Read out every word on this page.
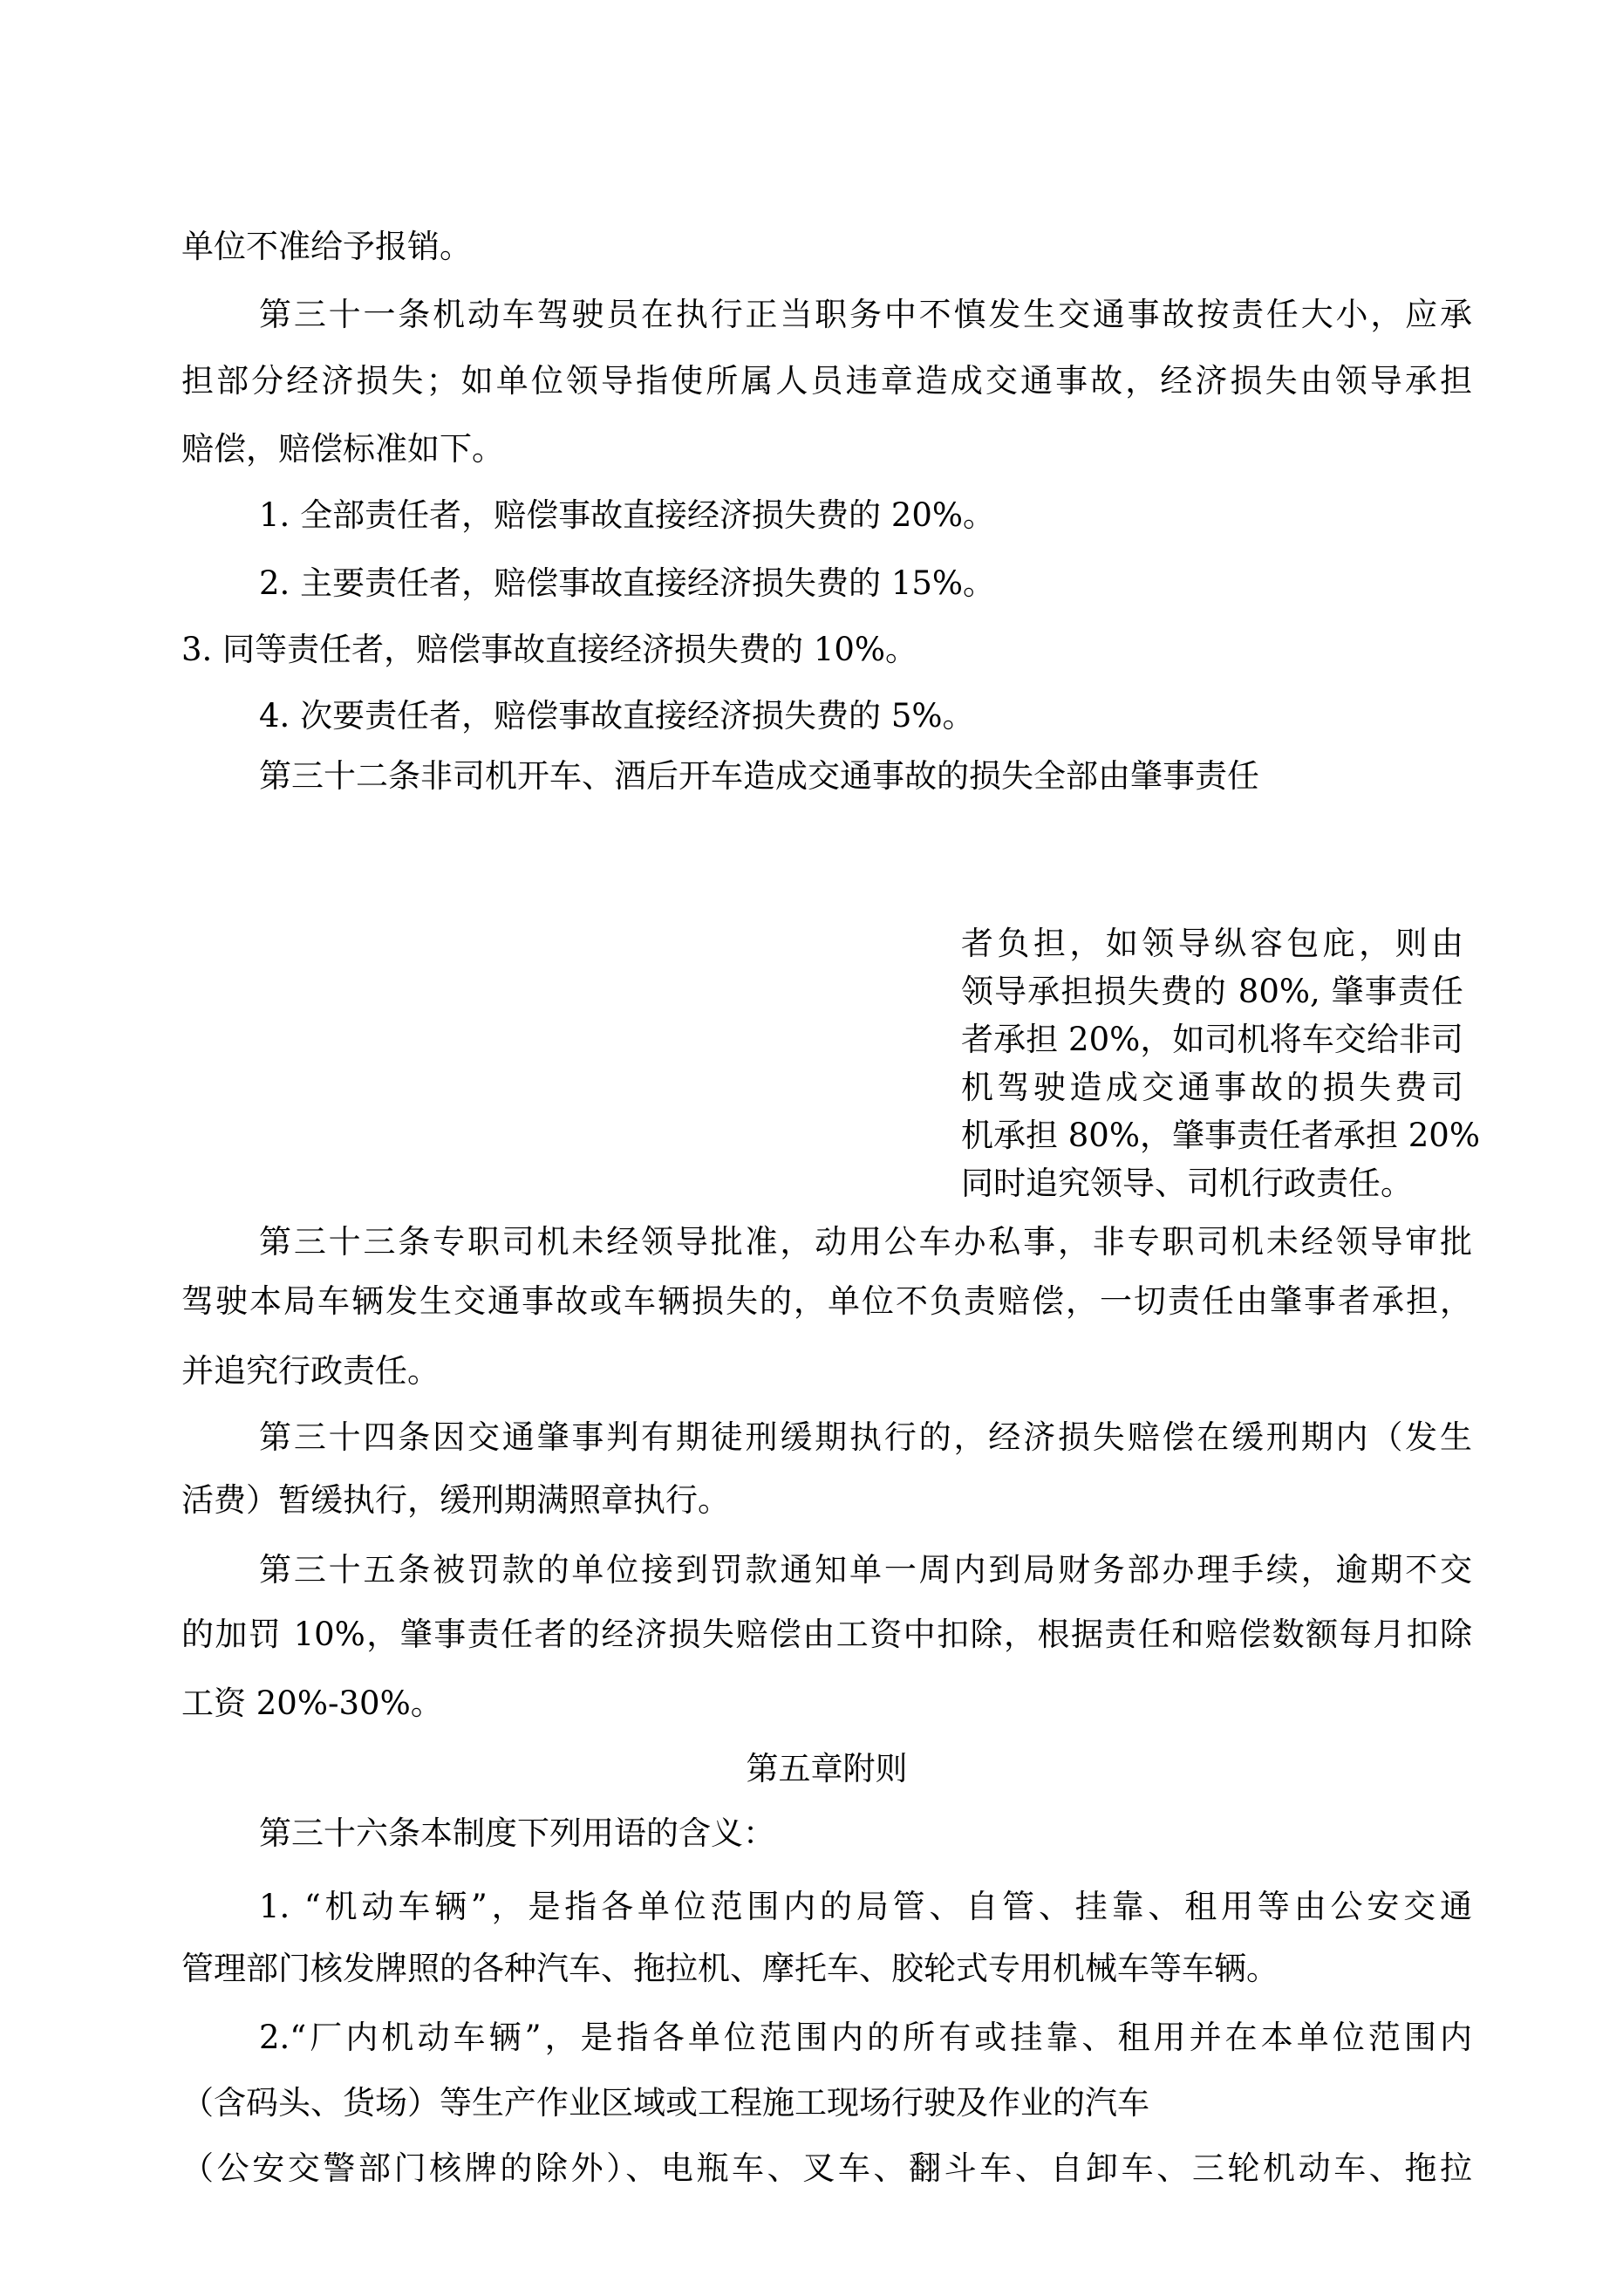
单位不准给予报销。
第三十一条机动车驾驶员在执行正当职务中不慎发生交通事故按责任大小，应承
担部分经济损失；如单位领导指使所属人员违章造成交通事故，经济损失由领导承担
赔偿，赔偿标准如下。
1. 全部责任者，赔偿事故直接经济损失费的 20%。
2. 主要责任者，赔偿事故直接经济损失费的 15%。
3. 同等责任者，赔偿事故直接经济损失费的 10%。
4. 次要责任者，赔偿事故直接经济损失费的 5%。
第三十二条非司机开车、酒后开车造成交通事故的损失全部由肇事责任
者负担，如领导纵容包庇，则由
领导承担损失费的 80%, 肇事责任
者承担 20%，如司机将车交给非司
机驾驶造成交通事故的损失费司
机承担 80%，肇事责任者承担 20%
同时追究领导、司机行政责任。
第三十三条专职司机未经领导批准，动用公车办私事，非专职司机未经领导审批
驾驶本局车辆发生交通事故或车辆损失的，单位不负责赔偿，一切责任由肇事者承担，
并追究行政责任。
第三十四条因交通肇事判有期徒刑缓期执行的，经济损失赔偿在缓刑期内（发生
活费）暂缓执行，缓刑期满照章执行。
第三十五条被罚款的单位接到罚款通知单一周内到局财务部办理手续，逾期不交
的加罚 10%，肇事责任者的经济损失赔偿由工资中扣除，根据责任和赔偿数额每月扣除
工资 20%-30%。
第五章附则
第三十六条本制度下列用语的含义：
1. “机动车辆”，是指各单位范围内的局管、自管、挂靠、租用等由公安交通
管理部门核发牌照的各种汽车、拖拉机、摩托车、胶轮式专用机械车等车辆。
2.“厂内机动车辆”，是指各单位范围内的所有或挂靠、租用并在本单位范围内
（含码头、货场）等生产作业区域或工程施工现场行驶及作业的汽车
（公安交警部门核牌的除外）、电瓶车、叉车、翻斗车、自卸车、三轮机动车、拖拉
